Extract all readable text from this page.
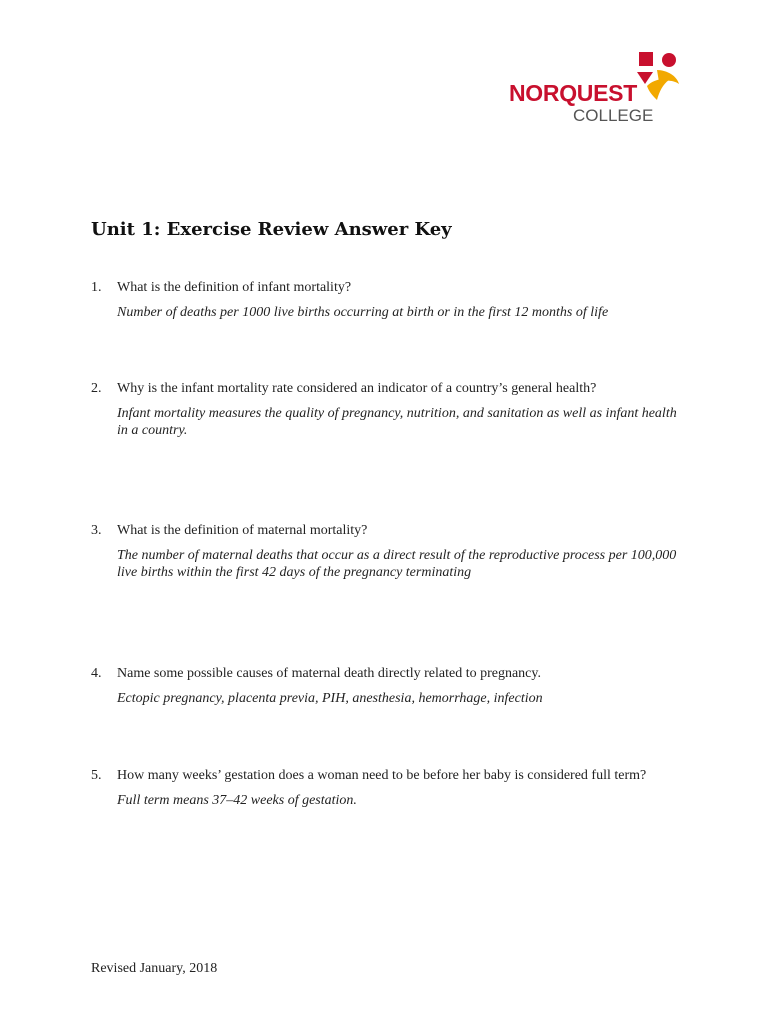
NORQUEST
COLLEGE
Unit 1: Exercise Review Answer Key
1. What is the definition of infant mortality?
Number of deaths per 1000 live births occurring at birth or in the first 12 months of life
2. Why is the infant mortality rate considered an indicator of a country’s general health?
Infant mortality measures the quality of pregnancy, nutrition, and sanitation as well as infant health in a country.
3. What is the definition of maternal mortality?
The number of maternal deaths that occur as a direct result of the reproductive process per 100,000 live births within the first 42 days of the pregnancy terminating
4. Name some possible causes of maternal death directly related to pregnancy.
Ectopic pregnancy, placenta previa, PIH, anesthesia, hemorrhage, infection
5. How many weeks’ gestation does a woman need to be before her baby is considered full term?
Full term means 37–42 weeks of gestation.
Revised January, 2018
